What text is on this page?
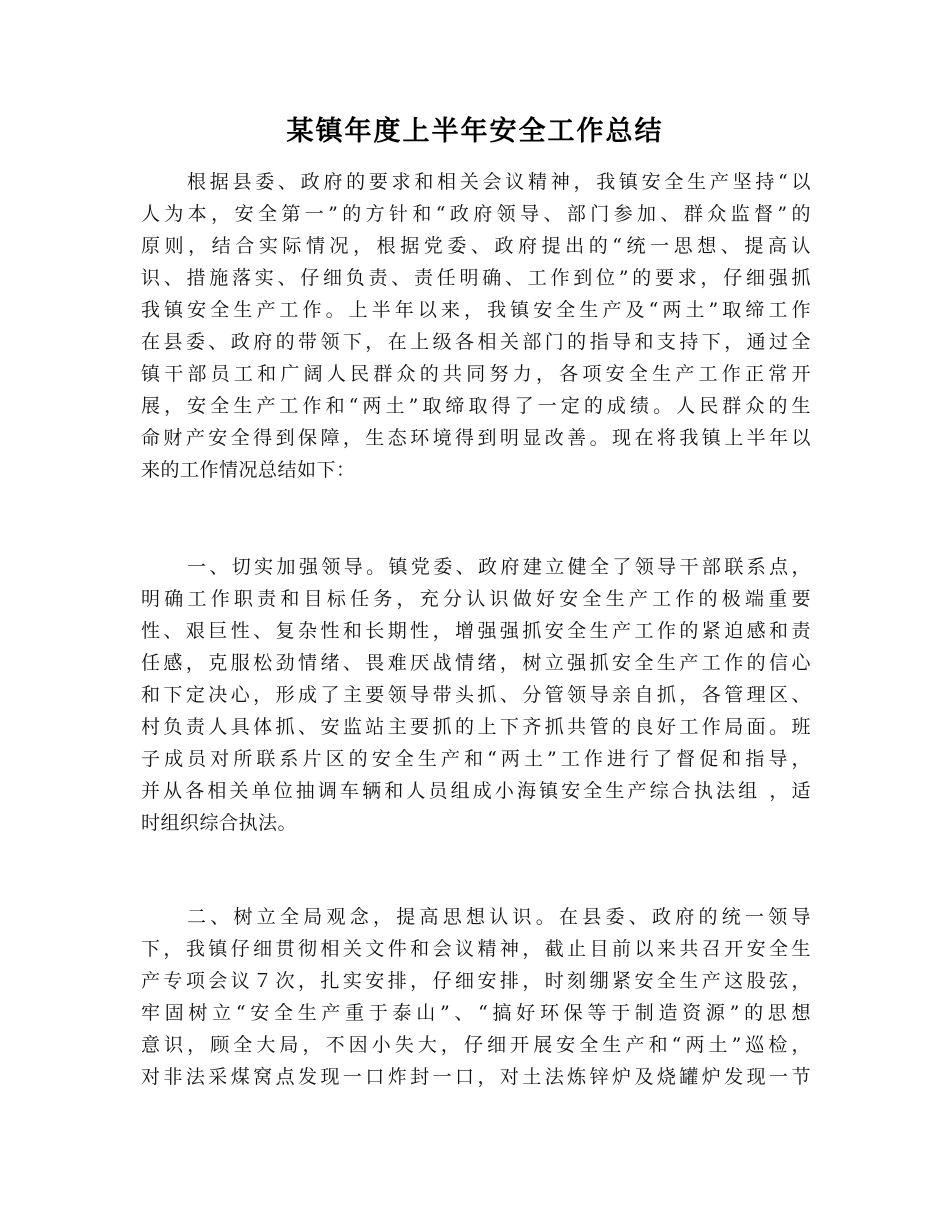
某镇年度上半年安全工作总结
根据县委、政府的要求和相关会议精神，我镇安全生产坚持“以
人为本，安全第一”的方针和“政府领导、部门参加、群众监督”的
原则，结合实际情况，根据党委、政府提出的“统一思想、提高认
识、措施落实、仔细负责、责任明确、工作到位”的要求，仔细强抓
我镇安全生产工作。上半年以来，我镇安全生产及“两土”取缔工作
在县委、政府的带领下，在上级各相关部门的指导和支持下，通过全
镇干部员工和广阔人民群众的共同努力，各项安全生产工作正常开
展，安全生产工作和“两土”取缔取得了一定的成绩。人民群众的生
命财产安全得到保障，生态环境得到明显改善。现在将我镇上半年以
来的工作情况总结如下：
一、切实加强领导。镇党委、政府建立健全了领导干部联系点，
明确工作职责和目标任务，充分认识做好安全生产工作的极端重要
性、艰巨性、复杂性和长期性，增强强抓安全生产工作的紧迫感和责
任感，克服松劲情绪、畏难厌战情绪，树立强抓安全生产工作的信心
和下定决心，形成了主要领导带头抓、分管领导亲自抓，各管理区、
村负责人具体抓、安监站主要抓的上下齐抓共管的良好工作局面。班
子成员对所联系片区的安全生产和“两土”工作进行了督促和指导，
并从各相关单位抽调车辆和人员组成小海镇安全生产综合执法组 ，适
时组织综合执法。
二、树立全局观念，提高思想认识。在县委、政府的统一领导
下，我镇仔细贯彻相关文件和会议精神，截止目前以来共召开安全生
产专项会议７次，扎实安排，仔细安排，时刻绷紧安全生产这股弦，
牢固树立“安全生产重于泰山”、“搞好环保等于制造资源”的思想
意识，顾全大局，不因小失大，仔细开展安全生产和“两土”巡检，
对非法采煤窝点发现一口炸封一口，对土法炼锌炉及烧罐炉发现一节
